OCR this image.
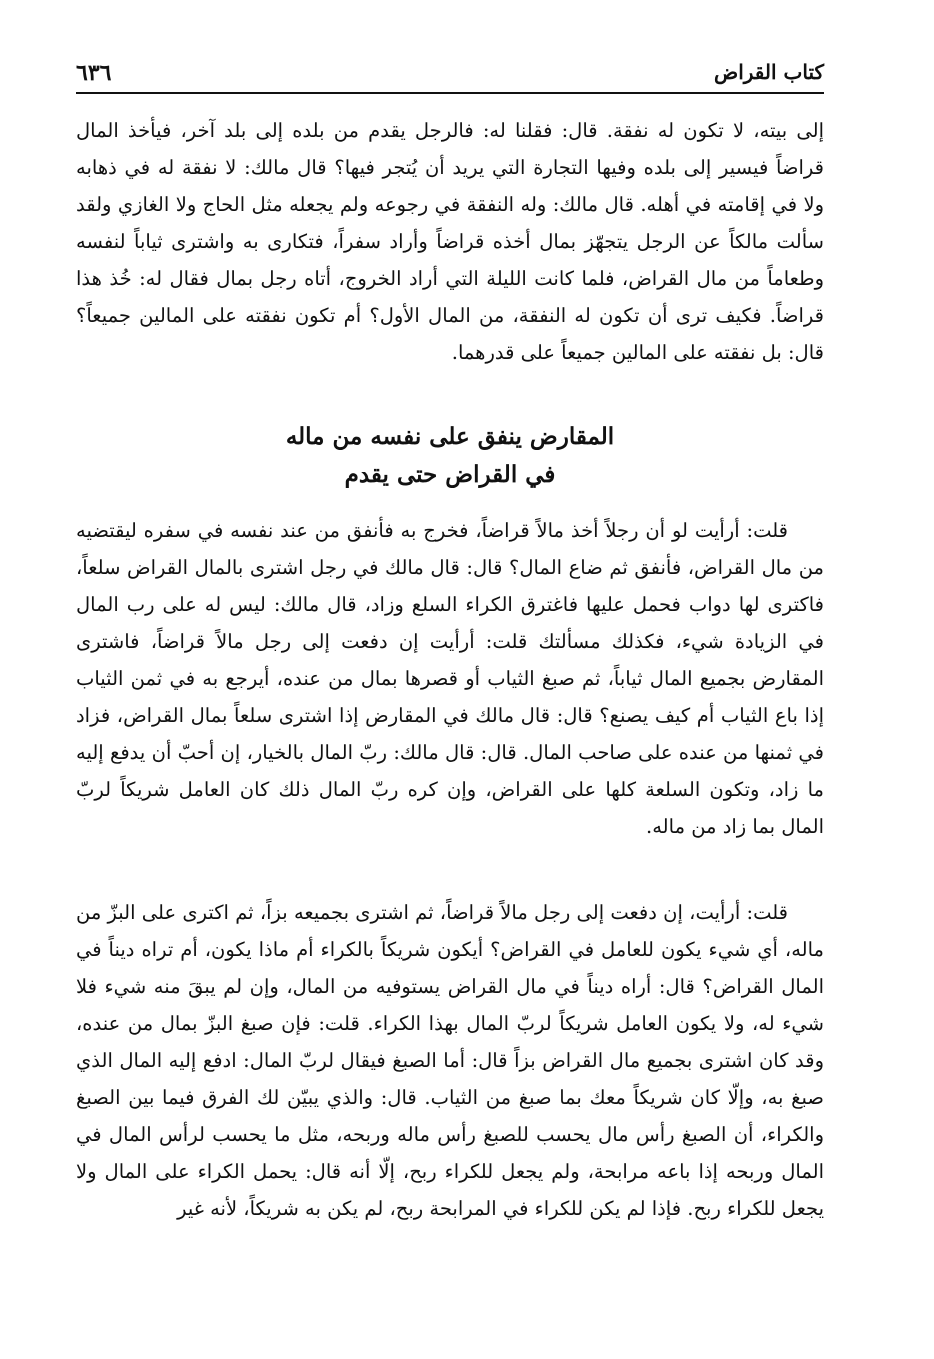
كتاب القراض
٦٣٦

إلى بيته، لا تكون له نفقة. قال: فقلنا له: فالرجل يقدم من بلده إلى بلد آخر، فيأخذ المال قراضاً فيسير إلى بلده وفيها التجارة التي يريد أن يُتجر فيها؟ قال مالك: لا نفقة له في ذهابه ولا في إقامته في أهله. قال مالك: وله النفقة في رجوعه ولم يجعله مثل الحاج ولا الغازي ولقد سألت مالكاً عن الرجل يتجهّز بمال أخذه قراضاً وأراد سفراً، فتكارى به واشترى ثياباً لنفسه وطعاماً من مال القراض، فلما كانت الليلة التي أراد الخروج، أتاه رجل بمال فقال له: خُذ هذا قراضاً. فكيف ترى أن تكون له النفقة، من المال الأول؟ أم تكون نفقته على المالين جميعاً؟ قال: بل نفقته على المالين جميعاً على قدرهما.

المقارض ينفق على نفسه من ماله

في القراض حتى يقدم

قلت: أرأيت لو أن رجلاً أخذ مالاً قراضاً، فخرج به فأنفق من عند نفسه في سفره ليقتضيه من مال القراض، فأنفق ثم ضاع المال؟ قال: قال مالك في رجل اشترى بالمال القراض سلعاً، فاكترى لها دواب فحمل عليها فاغترق الكراء السلع وزاد، قال مالك: ليس له على رب المال في الزيادة شيء، فكذلك مسألتك قلت: أرأيت إن دفعت إلى رجل مالاً قراضاً، فاشترى المقارض بجميع المال ثياباً، ثم صبغ الثياب أو قصرها بمال من عنده، أيرجع به في ثمن الثياب إذا باع الثياب أم كيف يصنع؟ قال: قال مالك في المقارض إذا اشترى سلعاً بمال القراض، فزاد في ثمنها من عنده على صاحب المال. قال: قال مالك: ربّ المال بالخيار، إن أحبّ أن يدفع إليه ما زاد، وتكون السلعة كلها على القراض، وإن كره ربّ المال ذلك كان العامل شريكاً لربّ المال بما زاد من ماله.

قلت: أرأيت، إن دفعت إلى رجل مالاً قراضاً، ثم اشترى بجميعه بزاً، ثم اكترى على البزّ من ماله، أي شيء يكون للعامل في القراض؟ أيكون شريكاً بالكراء أم ماذا يكون، أم تراه ديناً في المال القراض؟ قال: أراه ديناً في مال القراض يستوفيه من المال، وإن لم يبقَ منه شيء فلا شيء له، ولا يكون العامل شريكاً لربّ المال بهذا الكراء. قلت: فإن صبغ البزّ بمال من عنده، وقد كان اشترى بجميع مال القراض بزاً قال: أما الصبغ فيقال لربّ المال: ادفع إليه المال الذي صبغ به، وإلّا كان شريكاً معك بما صبغ من الثياب. قال: والذي يبيّن لك الفرق فيما بين الصبغ والكراء، أن الصبغ رأس مال يحسب للصبغ رأس ماله وربحه، مثل ما يحسب لرأس المال في المال وربحه إذا باعه مرابحة، ولم يجعل للكراء ربح، إلّا أنه قال: يحمل الكراء على المال ولا يجعل للكراء ربح. فإذا لم يكن للكراء في المرابحة ربح، لم يكن به شريكاً، لأنه غير
